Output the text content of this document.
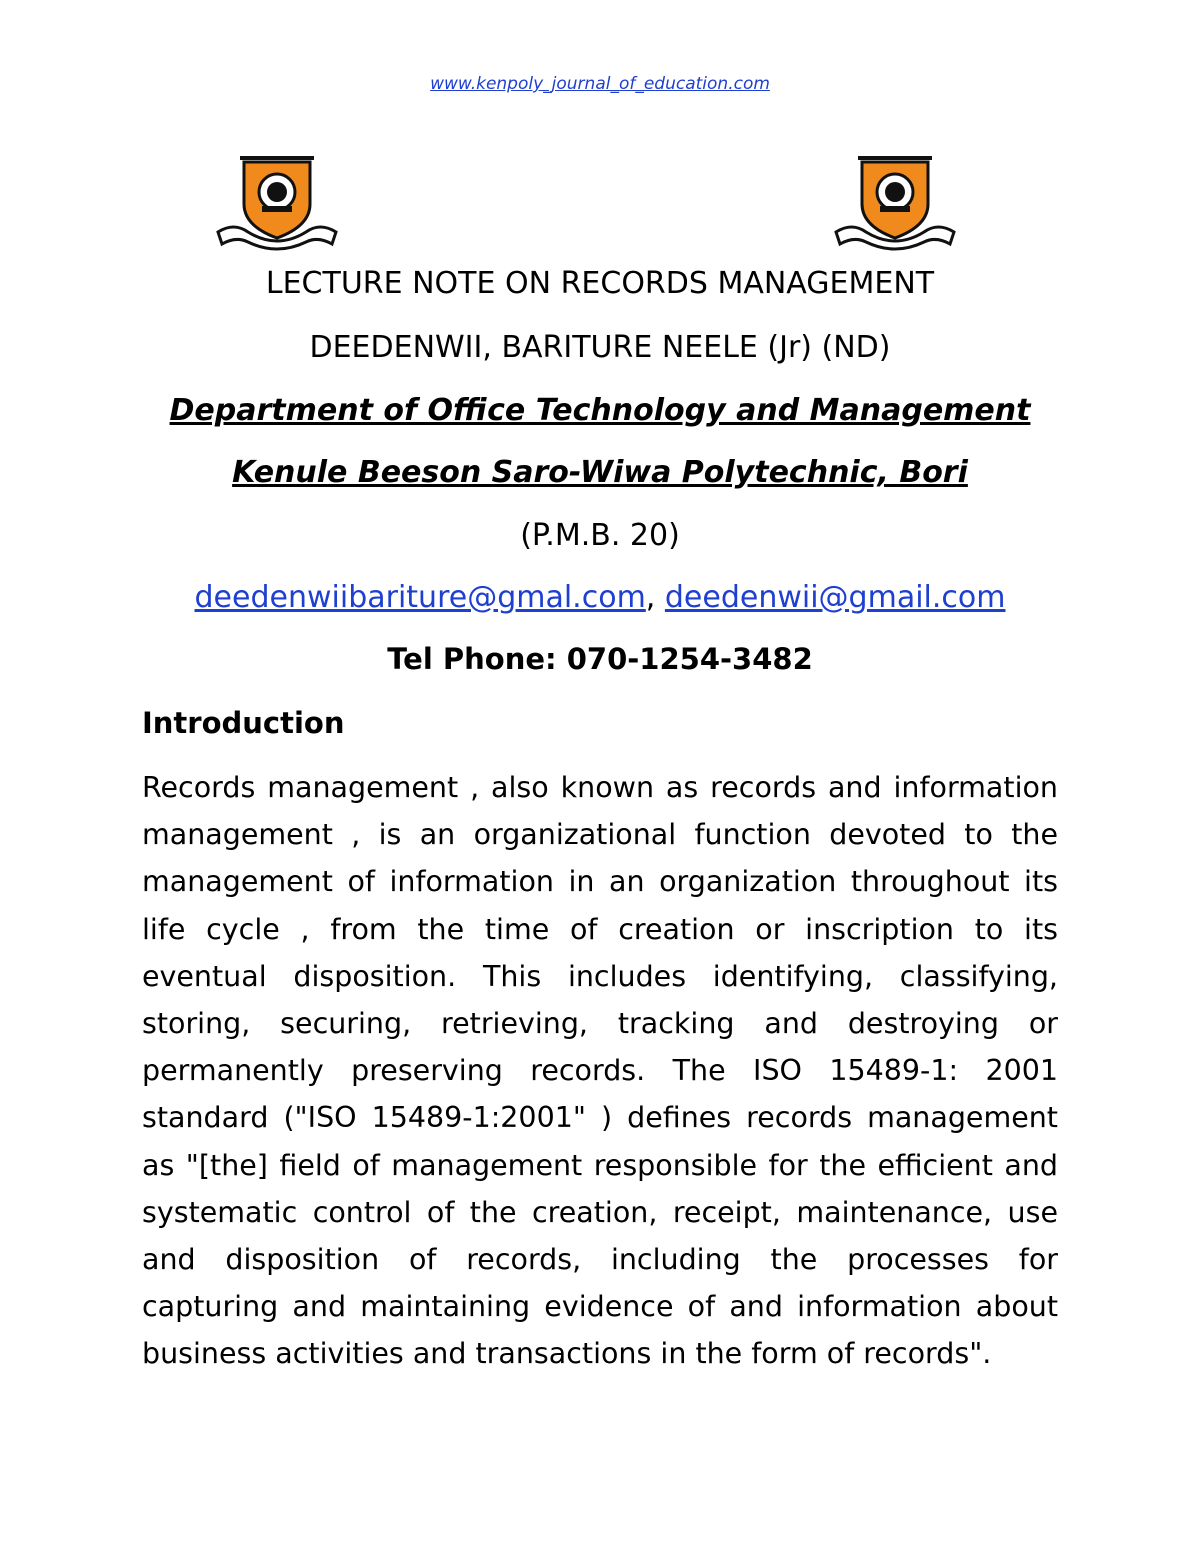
www.kenpoly_journal_of_education.com
LECTURE NOTE ON RECORDS MANAGEMENT
DEEDENWII, BARITURE NEELE (Jr) (ND)
Department of Office Technology and Management
Kenule Beeson Saro-Wiwa Polytechnic, Bori
(P.M.B. 20)
deedenwiibariture@gmal.com, deedenwii@gmail.com
Tel Phone: 070-1254-3482
Introduction
Records management , also known as records and information management , is an organizational function devoted to the management of information in an organization throughout its life cycle , from the time of creation or inscription to its eventual disposition. This includes identifying, classifying, storing, securing, retrieving, tracking and destroying or permanently preserving records. The ISO 15489-1: 2001 standard ("ISO 15489-1:2001" ) defines records management as "[the] field of management responsible for the efficient and systematic control of the creation, receipt, maintenance, use and disposition of records, including the processes for capturing and maintaining evidence of and information about business activities and transactions in the form of records".
